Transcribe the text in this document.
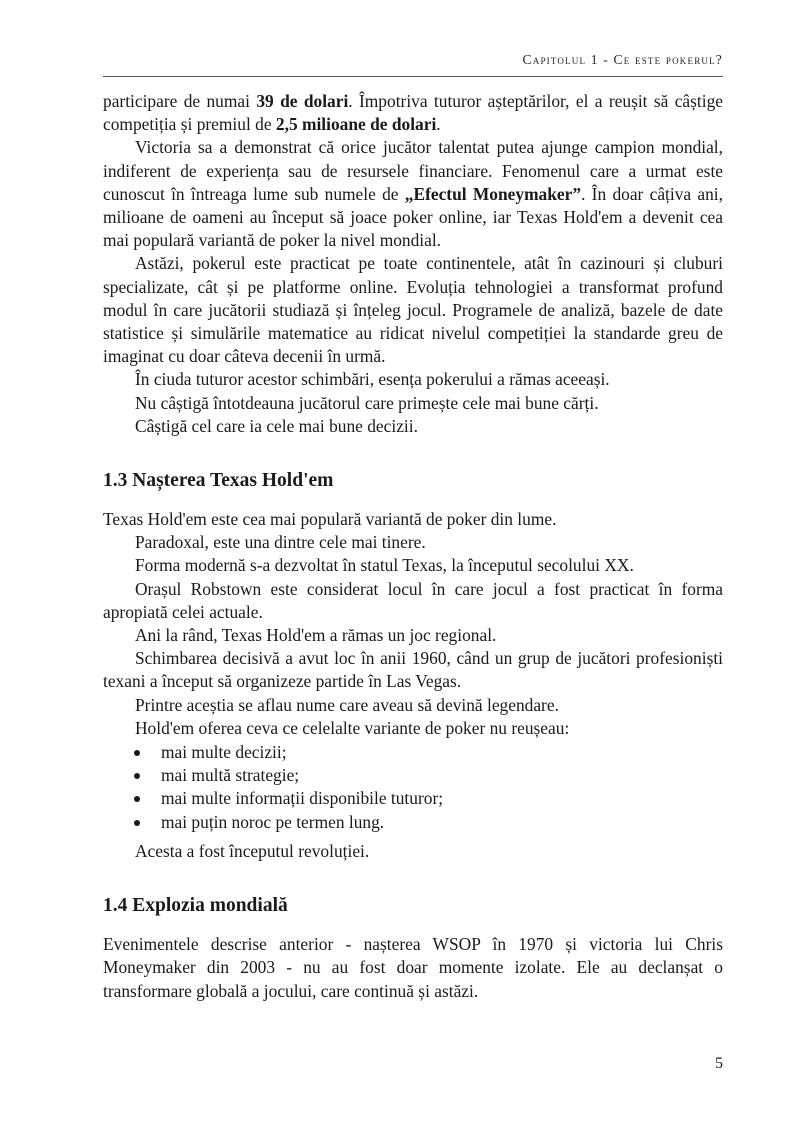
Capitolul 1 - Ce este pokerul?

participare de numai 39 de dolari. Împotriva tuturor așteptărilor, el a reușit să câștige competiția și premiul de 2,5 milioane de dolari.

Victoria sa a demonstrat că orice jucător talentat putea ajunge campion mondial, indiferent de experiența sau de resursele financiare. Fenomenul care a urmat este cunoscut în întreaga lume sub numele de „Efectul Moneymaker”. În doar câțiva ani, milioane de oameni au început să joace poker online, iar Texas Hold'em a devenit cea mai populară variantă de poker la nivel mondial.

Astăzi, pokerul este practicat pe toate continentele, atât în cazinouri și cluburi specializate, cât și pe platforme online. Evoluția tehnologiei a transformat profund modul în care jucătorii studiază și înțeleg jocul. Programele de analiză, bazele de date statistice și simulările matematice au ridicat nivelul competiției la standarde greu de imaginat cu doar câteva decenii în urmă.

În ciuda tuturor acestor schimbări, esența pokerului a rămas aceeași.

Nu câștigă întotdeauna jucătorul care primește cele mai bune cărți.

Câștigă cel care ia cele mai bune decizii.

1.3 Nașterea Texas Hold'em

Texas Hold'em este cea mai populară variantă de poker din lume.

Paradoxal, este una dintre cele mai tinere.

Forma modernă s-a dezvoltat în statul Texas, la începutul secolului XX.

Orașul Robstown este considerat locul în care jocul a fost practicat în forma apropiată celei actuale.

Ani la rând, Texas Hold'em a rămas un joc regional.

Schimbarea decisivă a avut loc în anii 1960, când un grup de jucători profesioniști texani a început să organizeze partide în Las Vegas.

Printre aceștia se aflau nume care aveau să devină legendare.

Hold'em oferea ceva ce celelalte variante de poker nu reușeau:

mai multe decizii;
mai multă strategie;
mai multe informații disponibile tuturor;
mai puțin noroc pe termen lung.

Acesta a fost începutul revoluției.

1.4 Explozia mondială

Evenimentele descrise anterior - nașterea WSOP în 1970 și victoria lui Chris Moneymaker din 2003 - nu au fost doar momente izolate. Ele au declanșat o transformare globală a jocului, care continuă și astăzi.

5
